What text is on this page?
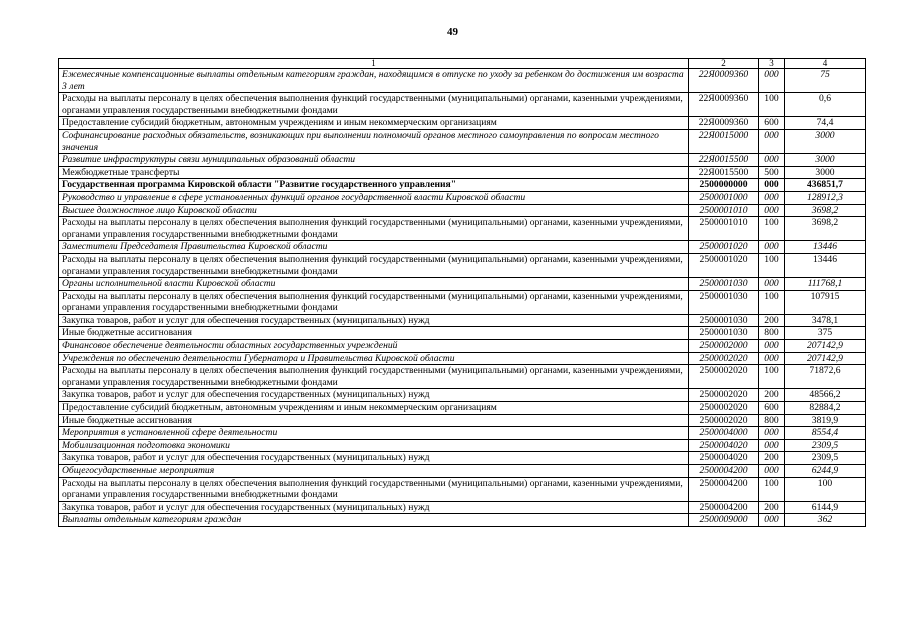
49
1	2	3	4
Ежемесячные компенсационные выплаты отдельным категориям граждан, находящимся в отпуске по уходу за ребенком до достижения им возраста 3 лет	22Я0009360	000	75
Расходы на выплаты персоналу в целях обеспечения выполнения функций государственными (муниципальными) органами, казенными учреждениями, органами управления государственными внебюджетными фондами	22Я0009360	100	0,6
Предоставление субсидий бюджетным, автономным учреждениям и иным некоммерческим организациям	22Я0009360	600	74,4
Софинансирование расходных обязательств, возникающих при выполнении полномочий органов местного самоуправления по вопросам местного значения	22Я0015000	000	3000
Развитие инфраструктуры связи муниципальных образований области	22Я0015500	000	3000
Межбюджетные трансферты	22Я0015500	500	3000
Государственная программа Кировской области "Развитие государственного управления"	2500000000	000	436851,7
Руководство и управление в сфере установленных функций органов государственной власти Кировской области	2500001000	000	128912,3
Высшее должностное лицо Кировской области	2500001010	000	3698,2
Расходы на выплаты персоналу в целях обеспечения выполнения функций государственными (муниципальными) органами, казенными учреждениями, органами управления государственными внебюджетными фондами	2500001010	100	3698,2
Заместители Председателя Правительства Кировской области	2500001020	000	13446
Расходы на выплаты персоналу в целях обеспечения выполнения функций государственными (муниципальными) органами, казенными учреждениями, органами управления государственными внебюджетными фондами	2500001020	100	13446
Органы исполнительной власти Кировской области	2500001030	000	111768,1
Расходы на выплаты персоналу в целях обеспечения выполнения функций государственными (муниципальными) органами, казенными учреждениями, органами управления государственными внебюджетными фондами	2500001030	100	107915
Закупка товаров, работ и услуг для обеспечения государственных (муниципальных) нужд	2500001030	200	3478,1
Иные бюджетные ассигнования	2500001030	800	375
Финансовое обеспечение деятельности областных государственных учреждений	2500002000	000	207142,9
Учреждения по обеспечению деятельности Губернатора и Правительства Кировской области	2500002020	000	207142,9
Расходы на выплаты персоналу в целях обеспечения выполнения функций государственными (муниципальными) органами, казенными учреждениями, органами управления государственными внебюджетными фондами	2500002020	100	71872,6
Закупка товаров, работ и услуг для обеспечения государственных (муниципальных) нужд	2500002020	200	48566,2
Предоставление субсидий бюджетным, автономным учреждениям и иным некоммерческим организациям	2500002020	600	82884,2
Иные бюджетные ассигнования	2500002020	800	3819,9
Мероприятия в установленной сфере деятельности	2500004000	000	8554,4
Мобилизационная подготовка экономики	2500004020	000	2309,5
Закупка товаров, работ и услуг для обеспечения государственных (муниципальных) нужд	2500004020	200	2309,5
Общегосударственные мероприятия	2500004200	000	6244,9
Расходы на выплаты персоналу в целях обеспечения выполнения функций государственными (муниципальными) органами, казенными учреждениями, органами управления государственными внебюджетными фондами	2500004200	100	100
Закупка товаров, работ и услуг для обеспечения государственных (муниципальных) нужд	2500004200	200	6144,9
Выплаты отдельным категориям граждан	2500009000	000	362
